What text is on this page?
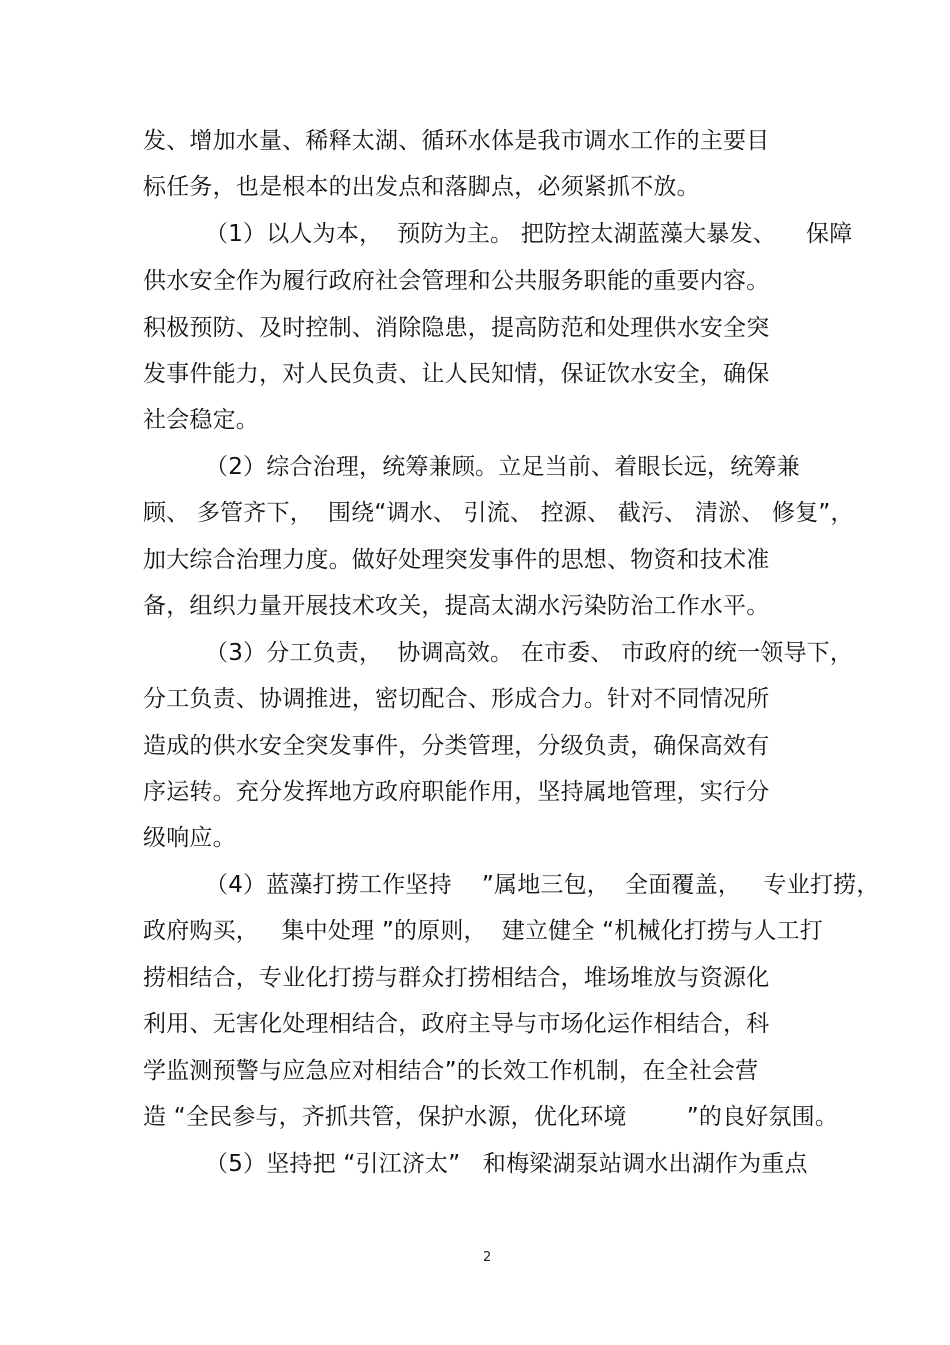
发、增加水量、稀释太湖、循环水体是我市调水工作的主要目
标任务，也是根本的出发点和落脚点，必须紧抓不放。
（1）以人为本，  预防为主。 把防控太湖蓝藻大暴发、    保障
供水安全作为履行政府社会管理和公共服务职能的重要内容。
积极预防、及时控制、消除隐患，提高防范和处理供水安全突
发事件能力，对人民负责、让人民知情，保证饮水安全，确保
社会稳定。
（2）综合治理，统筹兼顾。立足当前、着眼长远，统筹兼
顾、 多管齐下，  围绕“调水、 引流、 控源、 截污、 清淤、 修复”，
加大综合治理力度。做好处理突发事件的思想、物资和技术准
备，组织力量开展技术攻关，提高太湖水污染防治工作水平。
（3）分工负责，  协调高效。 在市委、 市政府的统一领导下，
分工负责、协调推进，密切配合、形成合力。针对不同情况所
造成的供水安全突发事件，分类管理，分级负责，确保高效有
序运转。充分发挥地方政府职能作用，坚持属地管理，实行分
级响应。
（4）蓝藻打捞工作坚持    ”属地三包，  全面覆盖，   专业打捞，
政府购买，   集中处理 ”的原则，  建立健全 “机械化打捞与人工打
捞相结合，专业化打捞与群众打捞相结合，堆场堆放与资源化
利用、无害化处理相结合，政府主导与市场化运作相结合，科
学监测预警与应急应对相结合”的长效工作机制，在全社会营
造 “全民参与，齐抓共管，保护水源，优化环境        ”的良好氛围。
（5）坚持把 “引江济太”   和梅梁湖泵站调水出湖作为重点
2
